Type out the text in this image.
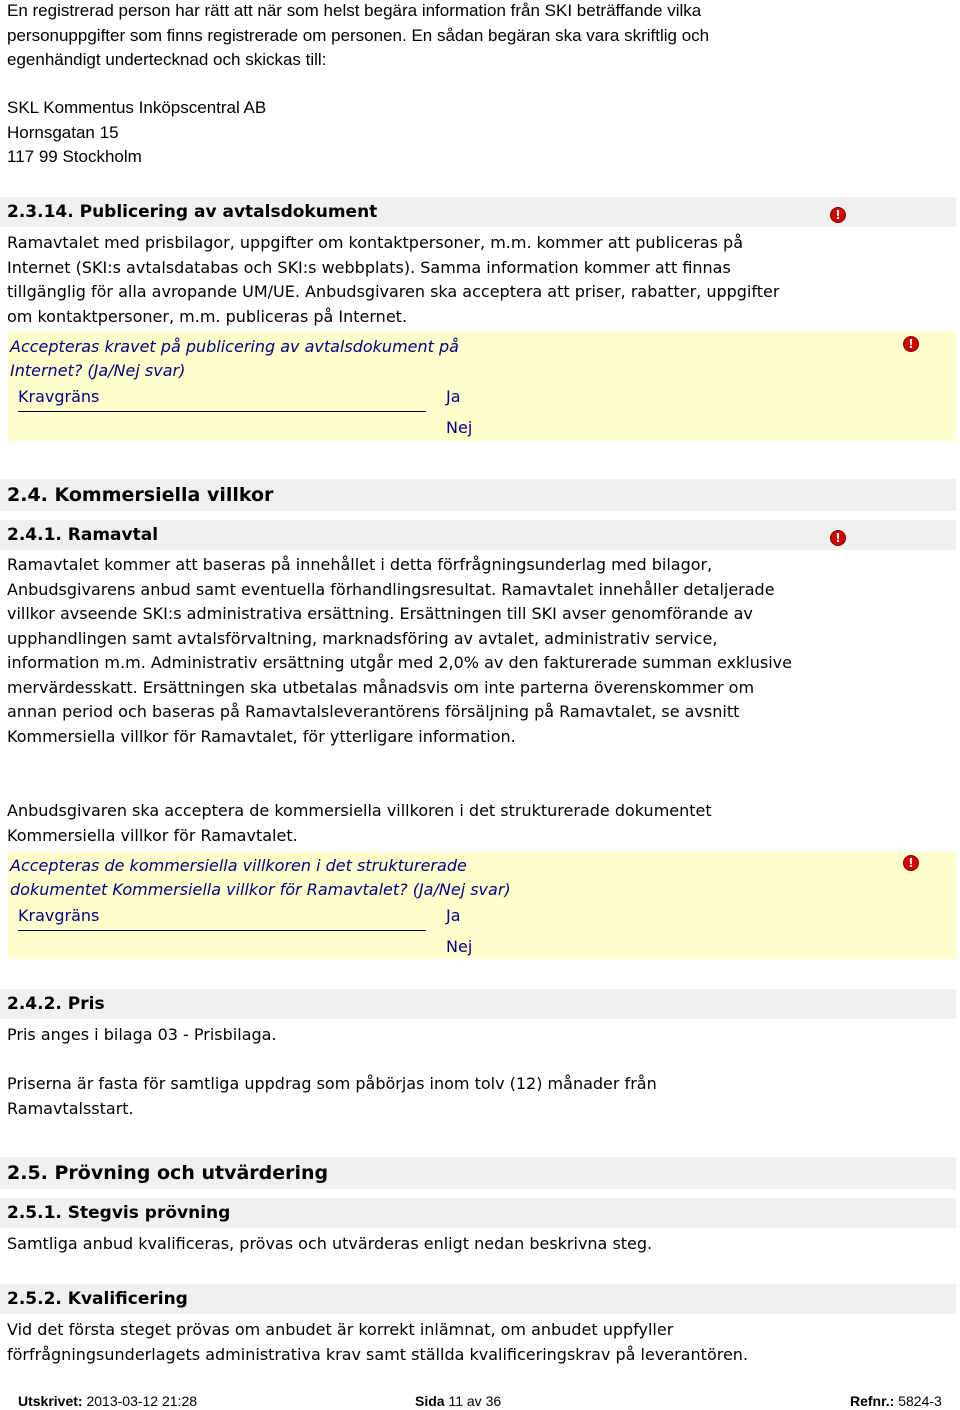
En registrerad person har rätt att när som helst begära information från SKI beträffande vilka personuppgifter som finns registrerade om personen. En sådan begäran ska vara skriftlig och egenhändigt undertecknad och skickas till:
SKL Kommentus Inköpscentral AB
Hornsgatan 15
117 99 Stockholm
2.3.14. Publicering av avtalsdokument	!
Ramavtalet med prisbilagor, uppgifter om kontaktpersoner, m.m. kommer att publiceras på Internet (SKI:s avtalsdatabas och SKI:s webbplats). Samma information kommer att finnas tillgänglig för alla avropande UM/UE. Anbudsgivaren ska acceptera att priser, rabatter, uppgifter om kontaktpersoner, m.m. publiceras på Internet.
!
Accepteras kravet på publicering av avtalsdokument på Internet? (Ja/Nej svar)
Kravgräns	Ja
Nej
2.4. Kommersiella villkor
2.4.1. Ramavtal	!
Ramavtalet kommer att baseras på innehållet i detta förfrågningsunderlag med bilagor, Anbudsgivarens anbud samt eventuella förhandlingsresultat. Ramavtalet innehåller detaljerade villkor avseende SKI:s administrativa ersättning. Ersättningen till SKI avser genomförande av upphandlingen samt avtalsförvaltning, marknadsföring av avtalet, administrativ service, information m.m. Administrativ ersättning utgår med 2,0% av den fakturerade summan exklusive mervärdesskatt. Ersättningen ska utbetalas månadsvis om inte parterna överenskommer om annan period och baseras på Ramavtalsleverantörens försäljning på Ramavtalet, se avsnitt Kommersiella villkor för Ramavtalet, för ytterligare information.
Anbudsgivaren ska acceptera de kommersiella villkoren i det strukturerade dokumentet Kommersiella villkor för Ramavtalet.
!
Accepteras de kommersiella villkoren i det strukturerade dokumentet Kommersiella villkor för Ramavtalet? (Ja/Nej svar)
Kravgräns	Ja
Nej
2.4.2. Pris
Pris anges i bilaga 03 - Prisbilaga.
Priserna är fasta för samtliga uppdrag som påbörjas inom tolv (12) månader från Ramavtalsstart.
2.5. Prövning och utvärdering
2.5.1. Stegvis prövning
Samtliga anbud kvalificeras, prövas och utvärderas enligt nedan beskrivna steg.
2.5.2. Kvalificering
Vid det första steget prövas om anbudet är korrekt inlämnat, om anbudet uppfyller förfrågningsunderlagets administrativa krav samt ställda kvalificeringskrav på leverantören.
Utskrivet: 2013-03-12 21:28	Sida 11 av 36	Refnr.: 5824-3
